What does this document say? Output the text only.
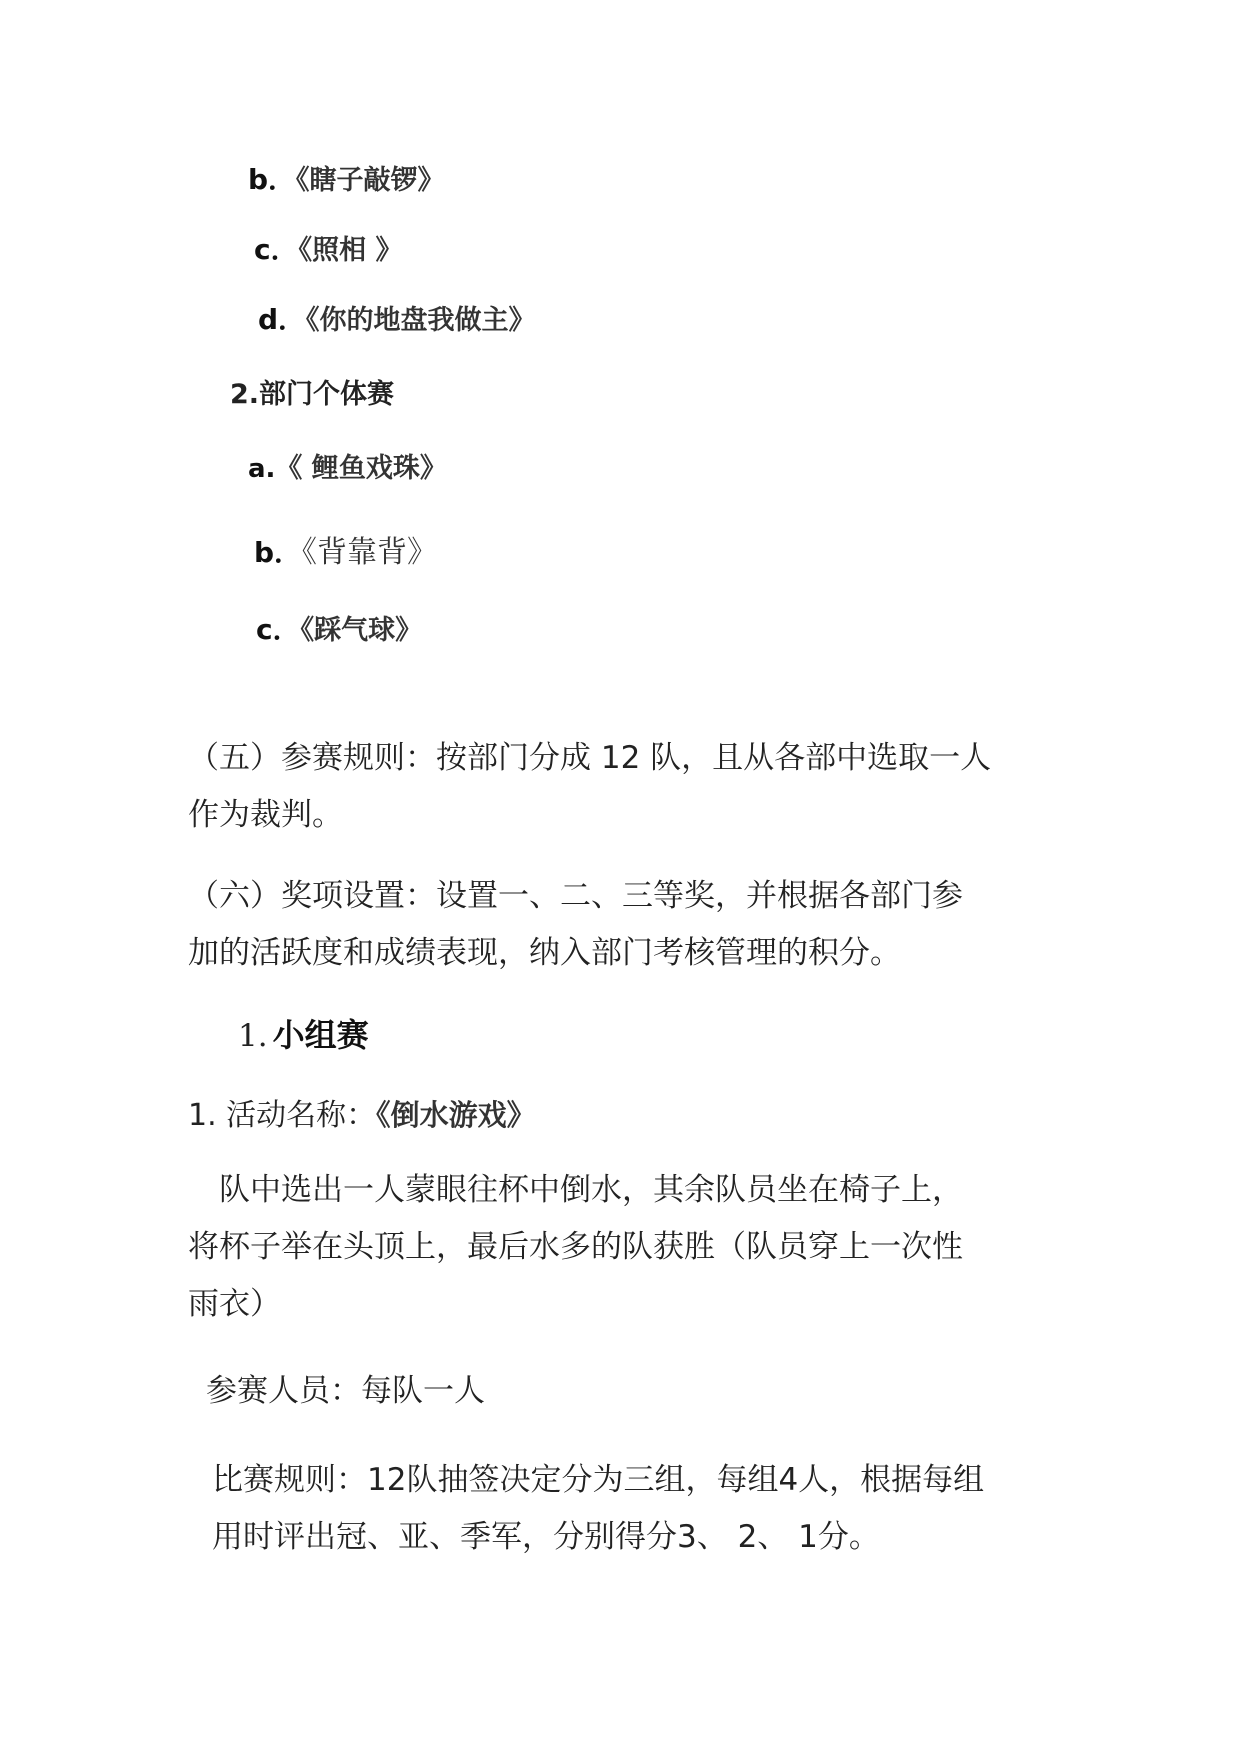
b．《瞎子敲锣》
c．《照相 》
d．《你的地盘我做主》
2.部门个体赛
a.《 鲤鱼戏珠》
b．《背靠背》
c．《踩气球》
（五）参赛规则：按部门分成 12 队，且从各部中选取一人
作为裁判。
（六）奖项设置：设置一、二、三等奖，并根据各部门参
加的活跃度和成绩表现，纳入部门考核管理的积分。
1. 小组赛
1. 活动名称：《倒水游戏》
　队中选出一人蒙眼往杯中倒水，其余队员坐在椅子上，
将杯子举在头顶上，最后水多的队获胜（队员穿上一次性
雨衣）
参赛人员：每队一人
比赛规则：12队抽签决定分为三组，每组4人，根据每组
用时评出冠、亚、季军，分别得分3、 2、 1分。
